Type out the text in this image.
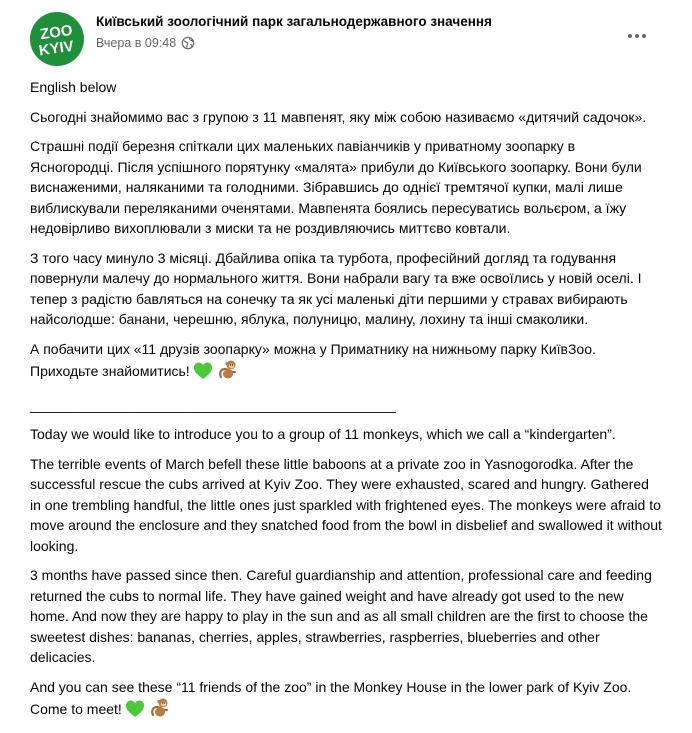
ZOO
KYIV
Київський зоологічний парк загальнодержавного значення
Вчера в 09:48

English below

Сьогодні знайомимо вас з групою з 11 мавпенят, яку між собою називаємо «дитячий садочок».

Страшні події березня спіткали цих маленьких павіанчиків у приватному зоопарку в Ясногородці. Після успішного порятунку «малята» прибули до Київського зоопарку. Вони були виснаженими, наляканими та голодними. Зібравшись до однієї тремтячої купки, малі лише виблискували переляканими оченятами. Мавпенята боялись пересуватись вольєром, а їжу недовірливо вихоплювали з миски та не роздивляючись миттєво ковтали.

З того часу минуло 3 місяці. Дбайлива опіка та турбота, професійний догляд та годування повернули малечу до нормального життя. Вони набрали вагу та вже освоїлись у новій оселі. І тепер з радістю бавляться на сонечку та як усі маленькі діти першими у стравах вибирають найсолодше: банани, черешню, яблука, полуницю, малину, лохину та інші смаколики.

А побачити цих «11 друзів зоопарку» можна у Приматнику на нижньому парку КиївЗоо. Приходьте знайомитись!

_______________________________________________

Today we would like to introduce you to a group of 11 monkeys, which we call a “kindergarten”.

The terrible events of March befell these little baboons at a private zoo in Yasnogorodka. After the successful rescue the cubs arrived at Kyiv Zoo. They were exhausted, scared and hungry. Gathered in one trembling handful, the little ones just sparkled with frightened eyes. The monkeys were afraid to move around the enclosure and they snatched food from the bowl in disbelief and swallowed it without looking.

3 months have passed since then. Careful guardianship and attention, professional care and feeding returned the cubs to normal life. They have gained weight and have already got used to the new home. And now they are happy to play in the sun and as all small children are the first to choose the sweetest dishes: bananas, cherries, apples, strawberries, raspberries, blueberries and other delicacies.

And you can see these “11 friends of the zoo” in the Monkey House in the lower park of Kyiv Zoo. Come to meet!
